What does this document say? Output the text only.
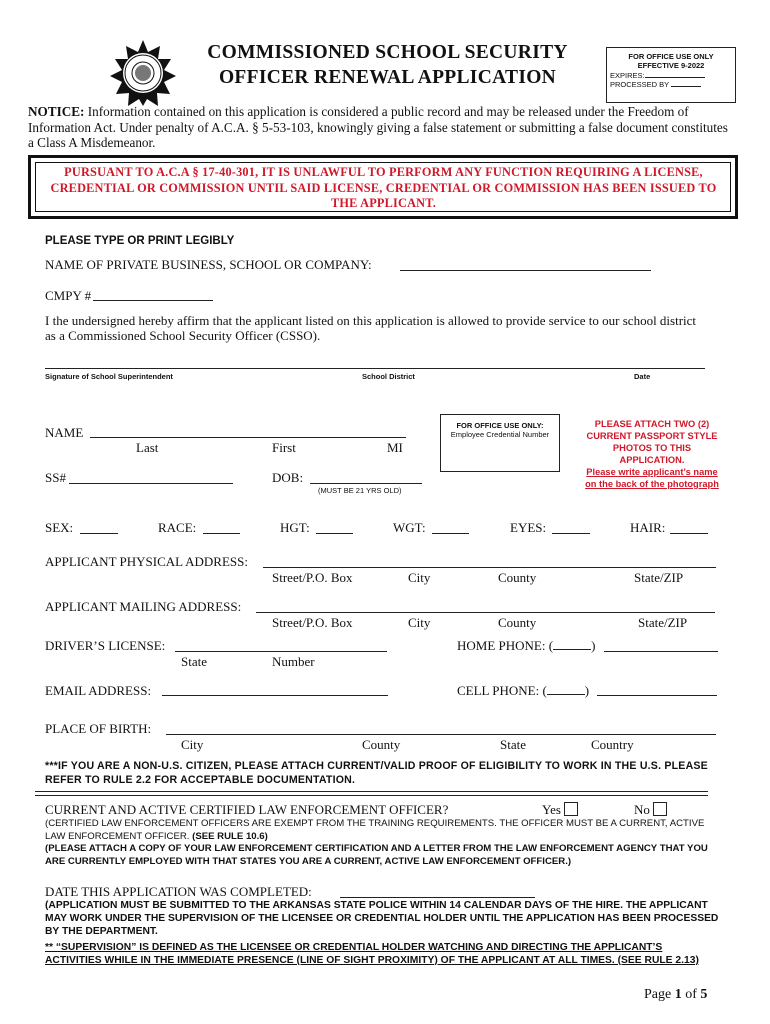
COMMISSIONED SCHOOL SECURITY
OFFICER RENEWAL APPLICATION
FOR OFFICE USE ONLY
EFFECTIVE 9-2022
EXPIRES:
PROCESSED BY
NOTICE: Information contained on this application is considered a public record and may be released under the Freedom of Information Act. Under penalty of A.C.A. § 5-53-103, knowingly giving a false statement or submitting a false document constitutes a Class A Misdemeanor.
PURSUANT TO A.C.A § 17-40-301, IT IS UNLAWFUL TO PERFORM ANY FUNCTION REQUIRING A LICENSE, CREDENTIAL OR COMMISSION UNTIL SAID LICENSE, CREDENTIAL OR COMMISSION HAS BEEN ISSUED TO THE APPLICANT.
PLEASE TYPE OR PRINT LEGIBLY
NAME OF PRIVATE BUSINESS, SCHOOL OR COMPANY:
CMPY #
I the undersigned hereby affirm that the applicant listed on this application is allowed to provide service to our school district as a Commissioned School Security Officer (CSSO).
Signature of School Superintendent	School District	Date
NAME
Last	First	MI
FOR OFFICE USE ONLY:
Employee Credential Number
PLEASE ATTACH TWO (2)
CURRENT PASSPORT STYLE
PHOTOS TO THIS
APPLICATION.
Please write applicant’s name
on the back of the photograph
SS#	DOB:
(MUST BE 21 YRS OLD)
SEX:	RACE:	HGT:	WGT:	EYES:	HAIR:
APPLICANT PHYSICAL ADDRESS:
Street/P.O. Box	City	County	State/ZIP
APPLICANT MAILING ADDRESS:
Street/P.O. Box	City	County	State/ZIP
DRIVER’S LICENSE:
State	Number
HOME PHONE: (	)
EMAIL ADDRESS:	CELL PHONE: (	)
PLACE OF BIRTH:
City	County	State	Country
***IF YOU ARE A NON-U.S. CITIZEN, PLEASE ATTACH CURRENT/VALID PROOF OF ELIGIBILITY TO WORK IN THE U.S. PLEASE REFER TO RULE 2.2 FOR ACCEPTABLE DOCUMENTATION.
CURRENT AND ACTIVE CERTIFIED LAW ENFORCEMENT OFFICER?	Yes	No
(CERTIFIED LAW ENFORCEMENT OFFICERS ARE EXEMPT FROM THE TRAINING REQUIREMENTS. THE OFFICER MUST BE A CURRENT, ACTIVE LAW ENFORCEMENT OFFICER. (SEE RULE 10.6)
(PLEASE ATTACH A COPY OF YOUR LAW ENFORCEMENT CERTIFICATION AND A LETTER FROM THE LAW ENFORCEMENT AGENCY THAT YOU ARE CURRENTLY EMPLOYED WITH THAT STATES YOU ARE A CURRENT, ACTIVE LAW ENFORCEMENT OFFICER.)
DATE THIS APPLICATION WAS COMPLETED:
(APPLICATION MUST BE SUBMITTED TO THE ARKANSAS STATE POLICE WITHIN 14 CALENDAR DAYS OF THE HIRE. THE APPLICANT MAY WORK UNDER THE SUPERVISION OF THE LICENSEE OR CREDENTIAL HOLDER UNTIL THE APPLICATION HAS BEEN PROCESSED BY THE DEPARTMENT.
** “SUPERVISION” IS DEFINED AS THE LICENSEE OR CREDENTIAL HOLDER WATCHING AND DIRECTING THE APPLICANT’S ACTIVITIES WHILE IN THE IMMEDIATE PRESENCE (LINE OF SIGHT PROXIMITY) OF THE APPLICANT AT ALL TIMES. (SEE RULE 2.13)
Page 1 of 5
